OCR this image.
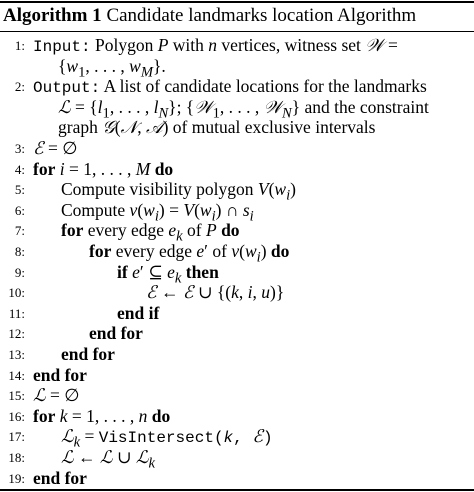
Algorithm 1 Candidate landmarks location Algorithm
1: Input: Polygon P with n vertices, witness set 𝒲 =
{$w_1$, . . . , $w_M$}.
2: Output: A list of candidate locations for the landmarks
ℒ = {$l_1$, . . . , $l_N$}; {𝒲$_1$, . . . , 𝒲$_N$} and the constraint
graph 𝒢(𝒩, 𝒜) of mutual exclusive intervals
3: ℰ = ∅
4: for i = 1, . . . , M do
5: Compute visibility polygon $V(w_i)$
6: Compute $v(w_i) = V(w_i)$ ∩ $s_i$
7: for every edge $e_k$ of P do
8:	for every edge e′ of $v(w_i)$ do
9:	if e′ ⊆ $e_k$ then
10:	ℰ ← ℰ ∪ {(k, i, u)}
11:	end if
12:	end for
13: end for
14: end for
15: ℒ = ∅
16: for k = 1, . . . , n do
17: ℒ$_k$ = VisIntersect(k, ℰ)
18: ℒ ← ℒ ∪ ℒ$_k$
19: end for
